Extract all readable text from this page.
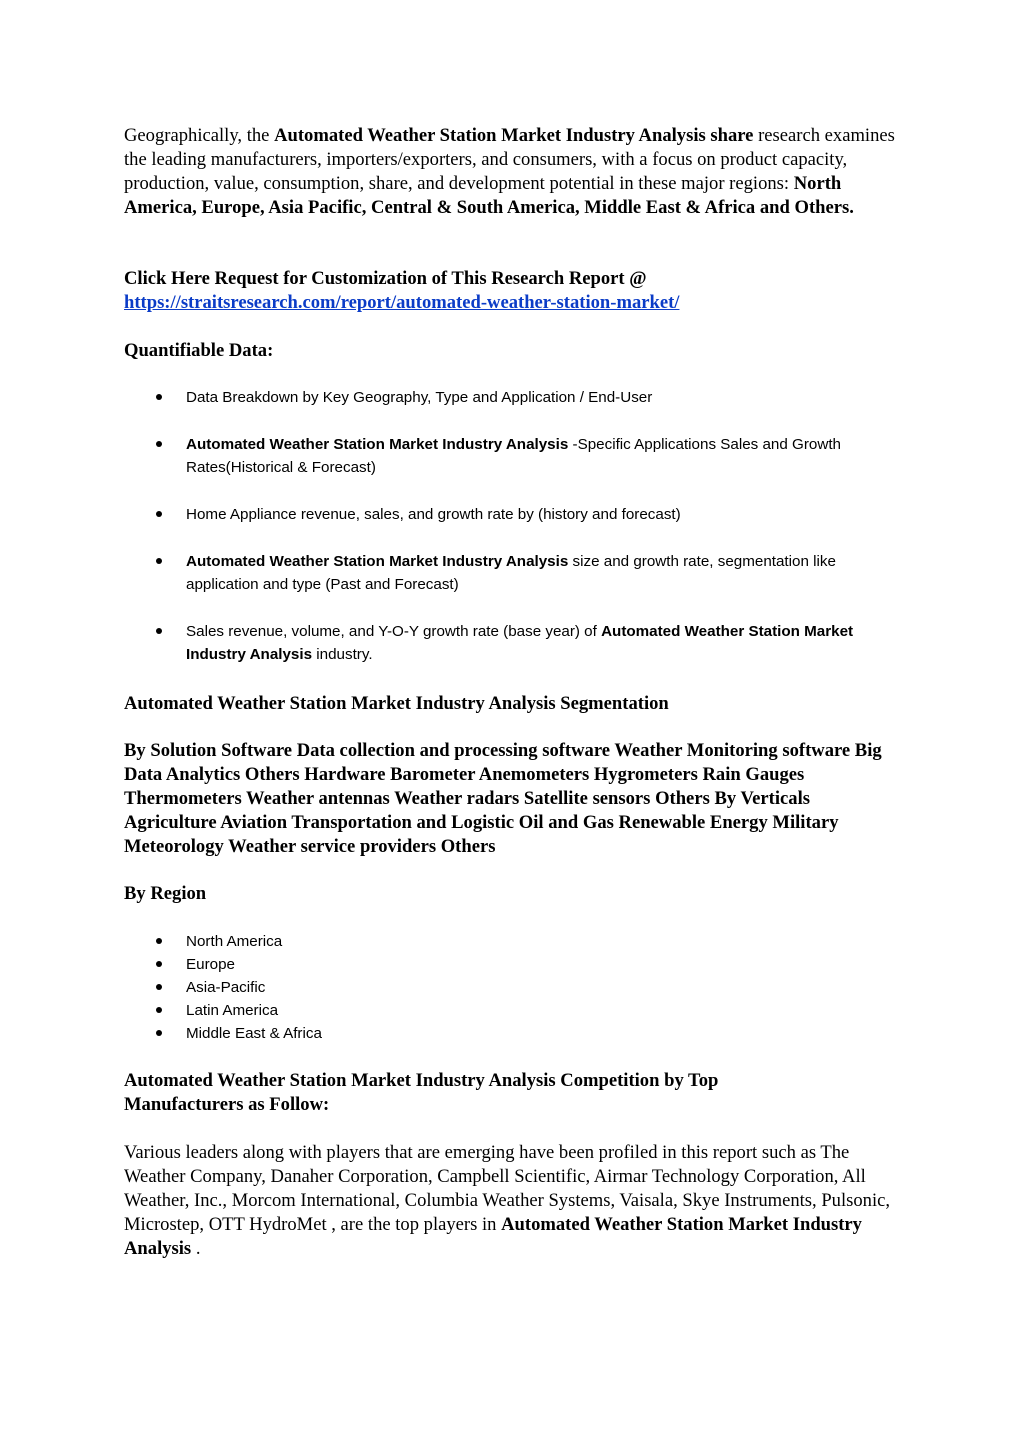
Geographically, the Automated Weather Station Market Industry Analysis share research examines the leading manufacturers, importers/exporters, and consumers, with a focus on product capacity, production, value, consumption, share, and development potential in these major regions: North America, Europe, Asia Pacific, Central & South America, Middle East & Africa and Others.

Click Here Request for Customization of This Research Report @
https://straitsresearch.com/report/automated-weather-station-market/

Quantifiable Data:

Data Breakdown by Key Geography, Type and Application / End-User
Automated Weather Station Market Industry Analysis -Specific Applications Sales and Growth Rates(Historical & Forecast)
Home Appliance revenue, sales, and growth rate by (history and forecast)
Automated Weather Station Market Industry Analysis size and growth rate, segmentation like application and type (Past and Forecast)
Sales revenue, volume, and Y-O-Y growth rate (base year) of Automated Weather Station Market Industry Analysis industry.

Automated Weather Station Market Industry Analysis Segmentation

By Solution Software Data collection and processing software Weather Monitoring software Big Data Analytics Others Hardware Barometer Anemometers Hygrometers Rain Gauges Thermometers Weather antennas Weather radars Satellite sensors Others By Verticals Agriculture Aviation Transportation and Logistic Oil and Gas Renewable Energy Military Meteorology Weather service providers Others

By Region

North America
Europe
Asia-Pacific
Latin America
Middle East & Africa

Automated Weather Station Market Industry Analysis Competition by Top Manufacturers as Follow:

Various leaders along with players that are emerging have been profiled in this report such as The Weather Company, Danaher Corporation, Campbell Scientific, Airmar Technology Corporation, All Weather, Inc., Morcom International, Columbia Weather Systems, Vaisala, Skye Instruments, Pulsonic, Microstep, OTT HydroMet , are the top players in Automated Weather Station Market Industry Analysis .
